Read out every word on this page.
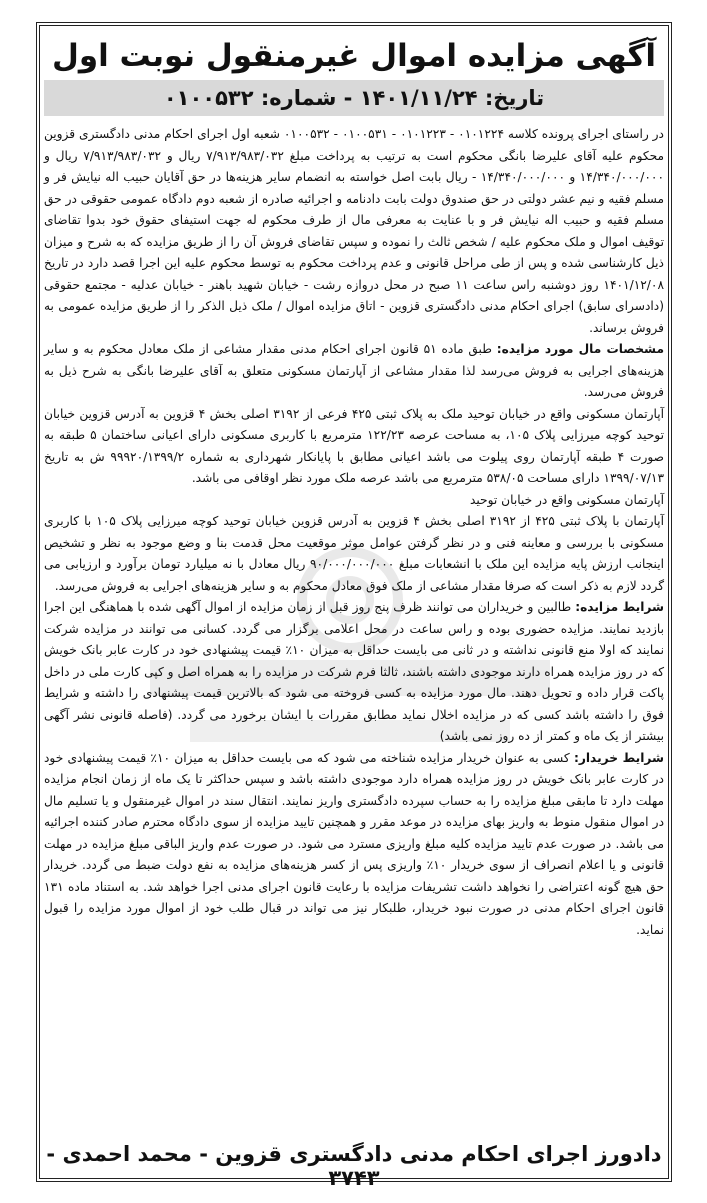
آگهی مزایده اموال غیرمنقول نوبت اول
تاریخ: ۱۴۰۱/۱۱/۲۴ - شماره: ۰۱۰۰۵۳۲

در راستای اجرای پرونده کلاسه ۰۱۰۱۲۲۴ - ۰۱۰۱۲۲۳ - ۰۱۰۰۵۳۱ - ۰۱۰۰۵۳۲ شعبه اول اجرای احکام مدنی دادگستری قزوین محکوم علیه آقای علیرضا بانگی محکوم است به ترتیب به پرداخت مبلغ ۷/۹۱۳/۹۸۳/۰۳۲ ریال و ۷/۹۱۳/۹۸۳/۰۳۲ ریال و ۱۴/۳۴۰/۰۰۰/۰۰۰ و ۱۴/۳۴۰/۰۰۰/۰۰۰ - ریال بابت اصل خواسته به انضمام سایر هزینه‌ها در حق آقایان حبیب اله نیایش فر و مسلم فقیه و نیم عشر دولتی در حق صندوق دولت بابت دادنامه و اجرائیه صادره از شعبه دوم دادگاه عمومی حقوقی در حق مسلم فقیه و حبیب اله نیایش فر و با عنایت به معرفی مال از طرف محکوم له جهت استیفای حقوق خود بدوا تقاضای توقیف اموال و ملک محکوم علیه / شخص ثالث را نموده و سپس تقاضای فروش آن را از طریق مزایده که به شرح و میزان ذیل کارشناسی شده و پس از طی مراحل قانونی و عدم پرداخت محکوم به توسط محکوم علیه این اجرا قصد دارد در تاریخ ۱۴۰۱/۱۲/۰۸ روز دوشنبه راس ساعت ۱۱ صبح در محل دروازه رشت - خیابان شهید باهنر - خیابان عدلیه - مجتمع حقوقی (دادسرای سابق) اجرای احکام مدنی دادگستری قزوین - اتاق مزایده اموال / ملک ذیل الذکر را از طریق مزایده عمومی به فروش برساند.

مشخصات مال مورد مزایده: طبق ماده ۵۱ قانون اجرای احکام مدنی مقدار مشاعی از ملک معادل محکوم به و سایر هزینه‌های اجرایی به فروش می‌رسد لذا مقدار مشاعی از آپارتمان مسکونی متعلق به آقای علیرضا بانگی به شرح ذیل به فروش می‌رسد.

آپارتمان مسکونی واقع در خیابان توحید ملک به پلاک ثبتی ۴۲۵ فرعی از ۳۱۹۲ اصلی بخش ۴ قزوین به آدرس قزوین خیابان توحید کوچه میرزایی پلاک ۱۰۵، به مساحت عرصه ۱۲۲/۲۳ مترمربع با کاربری مسکونی دارای اعیانی ساختمان ۵ طبقه به صورت ۴ طبقه آپارتمان روی پیلوت می باشد اعیانی مطابق با پایانکار شهرداری به شماره ۹۹۹۲۰/۱۳۹۹/۲ ش به تاریخ ۱۳۹۹/۰۷/۱۳ دارای مساحت ۵۳۸/۰۵ مترمربع می باشد عرصه ملک مورد نظر اوقافی می باشد.

آپارتمان مسکونی واقع در خیابان توحید

آپارتمان با پلاک ثبتی ۴۲۵ از ۳۱۹۲ اصلی بخش ۴ قزوین به آدرس قزوین خیابان توحید کوچه میرزایی پلاک ۱۰۵ با کاربری مسکونی با بررسی و معاینه فنی و در نظر گرفتن عوامل موثر موقعیت محل قدمت بنا و وضع موجود به نظر و تشخیص اینجانب ارزش پایه مزایده این ملک با انشعابات مبلغ ۹۰/۰۰۰/۰۰۰/۰۰۰ ریال معادل با نه میلیارد تومان برآورد و ارزیابی می گردد لازم به ذکر است که صرفا مقدار مشاعی از ملک فوق معادل محکوم به و سایر هزینه‌های اجرایی به فروش می‌رسد.

شرایط مزایده: طالبین و خریداران می توانند ظرف پنج روز قبل از زمان مزایده از اموال آگهی شده با هماهنگی این اجرا بازدید نمایند. مزایده حضوری بوده و راس ساعت در محل اعلامی برگزار می گردد. کسانی می توانند در مزایده شرکت نمایند که اولا منع قانونی نداشته و در ثانی می بایست حداقل به میزان ۱۰٪ قیمت پیشنهادی خود در کارت عابر بانک خویش که در روز مزایده همراه دارند موجودی داشته باشند، ثالثا فرم شرکت در مزایده را به همراه اصل و کپی کارت ملی در داخل پاکت قرار داده و تحویل دهند. مال مورد مزایده به کسی فروخته می شود که بالاترین قیمت پیشنهادی را داشته و شرایط فوق را داشته باشد کسی که در مزایده اخلال نماید مطابق مقررات با ایشان برخورد می گردد. (فاصله قانونی نشر آگهی بیشتر از یک ماه و کمتر از ده روز نمی باشد)

شرایط خریدار: کسی به عنوان خریدار مزایده شناخته می شود که می بایست حداقل به میزان ۱۰٪ قیمت پیشنهادی خود در کارت عابر بانک خویش در روز مزایده همراه دارد موجودی داشته باشد و سپس حداکثر تا یک ماه از زمان انجام مزایده مهلت دارد تا مابقی مبلغ مزایده را به حساب سپرده دادگستری واریز نمایند. انتقال سند در اموال غیرمنقول و یا تسلیم مال در اموال منقول منوط به واریز بهای مزایده در موعد مقرر و همچنین تایید مزایده از سوی دادگاه محترم صادر کننده اجرائیه می باشد. در صورت عدم تایید مزایده کلیه مبلغ واریزی مسترد می شود. در صورت عدم واریز الباقی مبلغ مزایده در مهلت قانونی و یا اعلام انصراف از سوی خریدار ۱۰٪ واریزی پس از کسر هزینه‌های مزایده به نفع دولت ضبط می گردد. خریدار حق هیچ گونه اعتراضی را نخواهد داشت تشریفات مزایده با رعایت قانون اجرای مدنی اجرا خواهد شد. به استناد ماده ۱۳۱ قانون اجرای احکام مدنی در صورت نبود خریدار، طلبکار نیز می تواند در قبال طلب خود از اموال مورد مزایده را قبول نماید.

دادورز اجرای احکام مدنی دادگستری قزوین - محمد احمدی - ۳۷۴۳
